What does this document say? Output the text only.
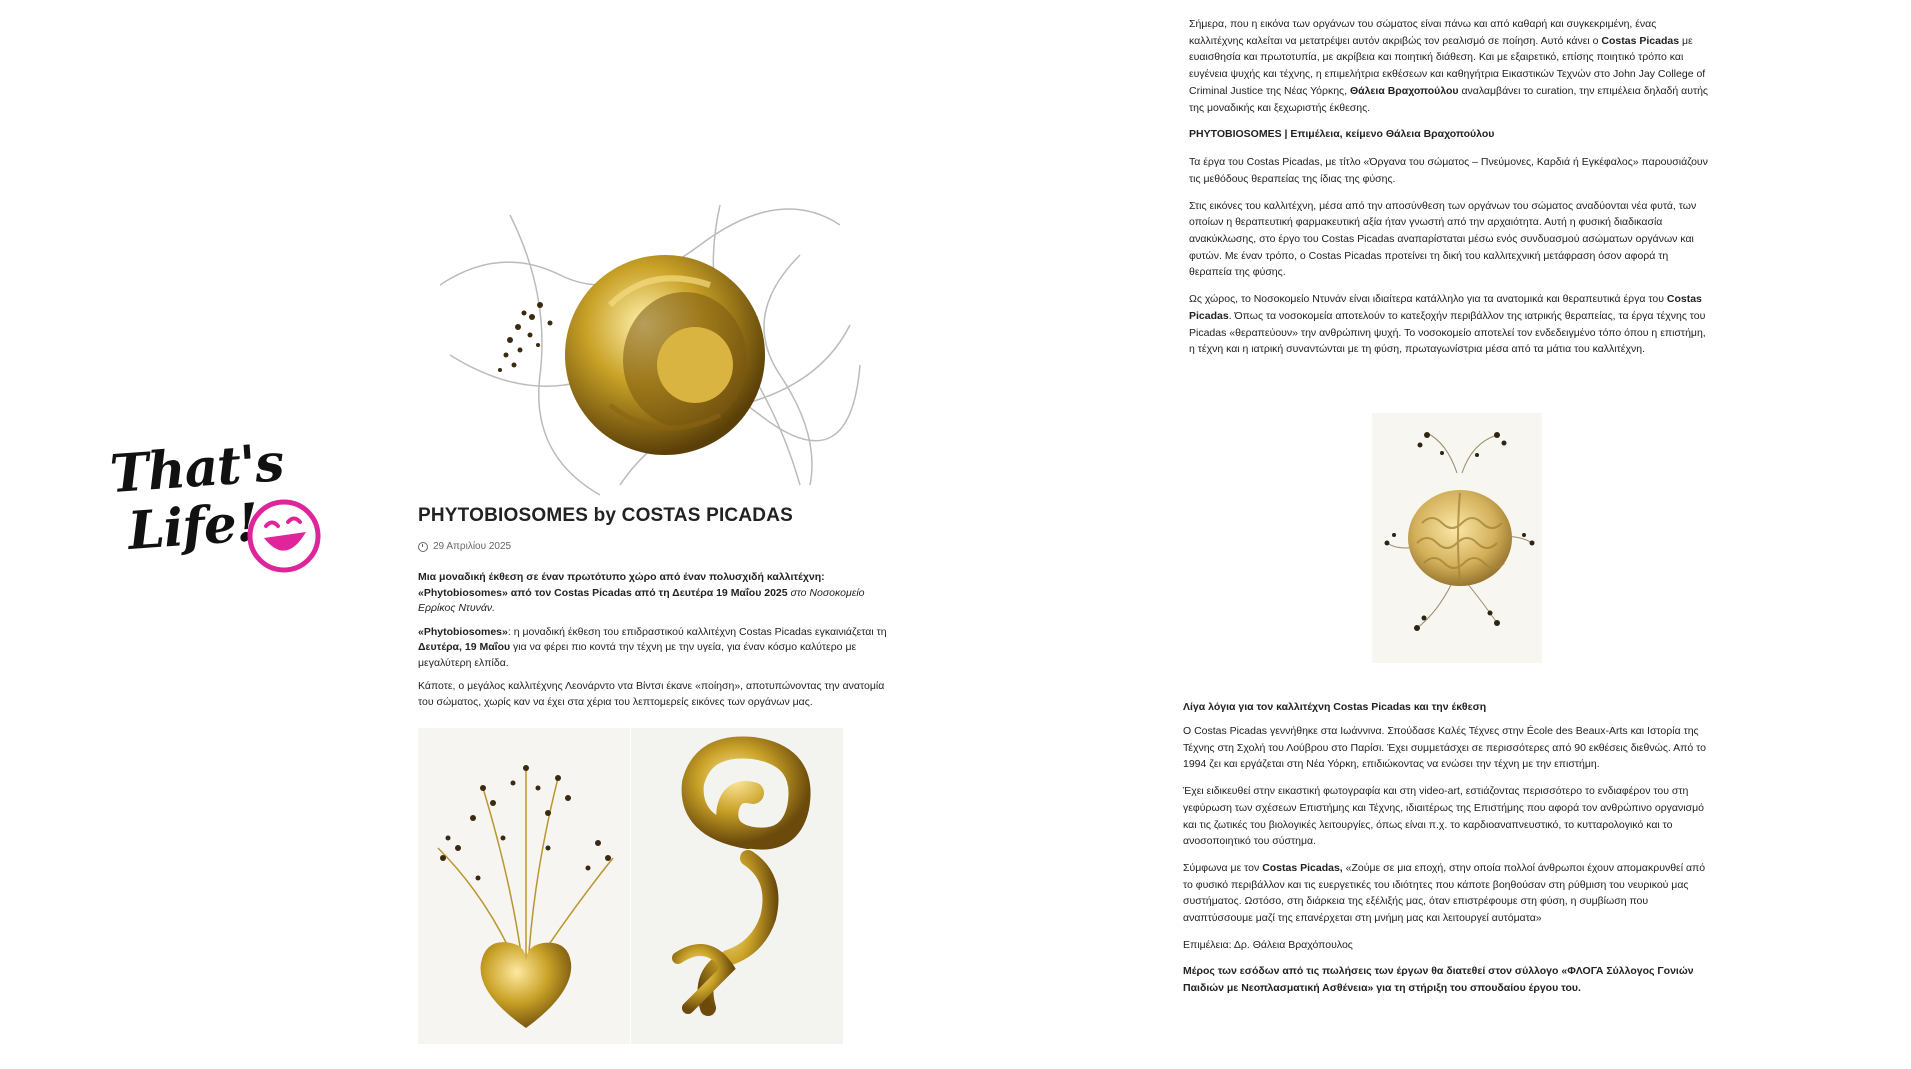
That's
Life!	PHYTOBIOSOMES by COSTAS PICADAS
29 Απριλίου 2025

Μια μοναδική έκθεση σε έναν πρωτότυπο χώρο από έναν πολυσχιδή καλλιτέχνη:
«Phytobiosomes» από τον Costas Picadas από τη Δευτέρα 19 Μαΐου 2025 στο Νοσοκομείο Ερρίκος Ντυνάν.

«Phytobiosomes»: η μοναδική έκθεση του επιδραστικού καλλιτέχνη Costas Picadas εγκαινιάζεται τη Δευτέρα, 19 Μαΐου για να φέρει πιο κοντά την τέχνη με την υγεία, για έναν κόσμο καλύτερο με μεγαλύτερη ελπίδα.

Κάποτε, ο μεγάλος καλλιτέχνης Λεονάρντο ντα Βίντσι έκανε «ποίηση», αποτυπώνοντας την ανατομία του σώματος, χωρίς καν να έχει στα χέρια του λεπτομερείς εικόνες των οργάνων μας.

Σήμερα, που η εικόνα των οργάνων του σώματος είναι πάνω και από καθαρή και συγκεκριμένη, ένας καλλιτέχνης καλείται να μετατρέψει αυτόν ακριβώς τον ρεαλισμό σε ποίηση. Αυτό κάνει ο Costas Picadas με ευαισθησία και πρωτοτυπία, με ακρίβεια και ποιητική διάθεση. Και με εξαιρετικό, επίσης ποιητικό τρόπο και ευγένεια ψυχής και τέχνης, η επιμελήτρια εκθέσεων και καθηγήτρια Εικαστικών Τεχνών στο John Jay College of Criminal Justice της Νέας Υόρκης, Θάλεια Βραχοπούλου αναλαμβάνει το curation, την επιμέλεια δηλαδή αυτής της μοναδικής και ξεχωριστής έκθεσης.

PHYTOBIOSOMES | Επιμέλεια, κείμενο Θάλεια Βραχοπούλου

Τα έργα του Costas Picadas, με τίτλο «Όργανα του σώματος – Πνεύμονες, Καρδιά ή Εγκέφαλος» παρουσιάζουν τις μεθόδους θεραπείας της ίδιας της φύσης.

Στις εικόνες του καλλιτέχνη, μέσα από την αποσύνθεση των οργάνων του σώματος αναδύονται νέα φυτά, των οποίων η θεραπευτική φαρμακευτική αξία ήταν γνωστή από την αρχαιότητα. Αυτή η φυσική διαδικασία ανακύκλωσης, στο έργο του Costas Picadas αναπαρίσταται μέσω ενός συνδυασμού ασώματων οργάνων και φυτών. Με έναν τρόπο, ο Costas Picadas προτείνει τη δική του καλλιτεχνική μετάφραση όσον αφορά τη θεραπεία της φύσης.

Ως χώρος, το Νοσοκομείο Ντυνάν είναι ιδιαίτερα κατάλληλο για τα ανατομικά και θεραπευτικά έργα του Costas Picadas. Όπως τα νοσοκομεία αποτελούν το κατεξοχήν περιβάλλον της ιατρικής θεραπείας, τα έργα τέχνης του Picadas «θεραπεύουν» την ανθρώπινη ψυχή. Το νοσοκομείο αποτελεί τον ενδεδειγμένο τόπο όπου η επιστήμη, η τέχνη και η ιατρική συναντώνται με τη φύση, πρωταγωνίστρια μέσα από τα μάτια του καλλιτέχνη.

Λίγα λόγια για τον καλλιτέχνη Costas Picadas και την έκθεση

Ο Costas Picadas γεννήθηκε στα Ιωάννινα. Σπούδασε Καλές Τέχνες στην École des Beaux-Arts και Ιστορία της Τέχνης στη Σχολή του Λούβρου στο Παρίσι. Έχει συμμετάσχει σε περισσότερες από 90 εκθέσεις διεθνώς. Από το 1994 ζει και εργάζεται στη Νέα Υόρκη, επιδιώκοντας να ενώσει την τέχνη με την επιστήμη.

Έχει ειδικευθεί στην εικαστική φωτογραφία και στη video-art, εστιάζοντας περισσότερο το ενδιαφέρον του στη γεφύρωση των σχέσεων Επιστήμης και Τέχνης, ιδιαιτέρως της Επιστήμης που αφορά τον ανθρώπινο οργανισμό και τις ζωτικές του βιολογικές λειτουργίες, όπως είναι π.χ. το καρδιοαναπνευστικό, το κυτταρολογικό και το ανοσοποιητικό του σύστημα.

Σύμφωνα με τον Costas Picadas, «Ζούμε σε μια εποχή, στην οποία πολλοί άνθρωποι έχουν απομακρυνθεί από το φυσικό περιβάλλον και τις ευεργετικές του ιδιότητες που κάποτε βοηθούσαν στη ρύθμιση του νευρικού μας συστήματος. Ωστόσο, στη διάρκεια της εξέλιξής μας, όταν επιστρέφουμε στη φύση, η συμβίωση που αναπτύσσουμε μαζί της επανέρχεται στη μνήμη μας και λειτουργεί αυτόματα»

Επιμέλεια: Δρ. Θάλεια Βραχόπουλος

Μέρος των εσόδων από τις πωλήσεις των έργων θα διατεθεί στον σύλλογο «ΦΛΟΓΑ Σύλλογος Γονιών Παιδιών με Νεοπλασματική Ασθένεια» για τη στήριξη του σπουδαίου έργου του.
